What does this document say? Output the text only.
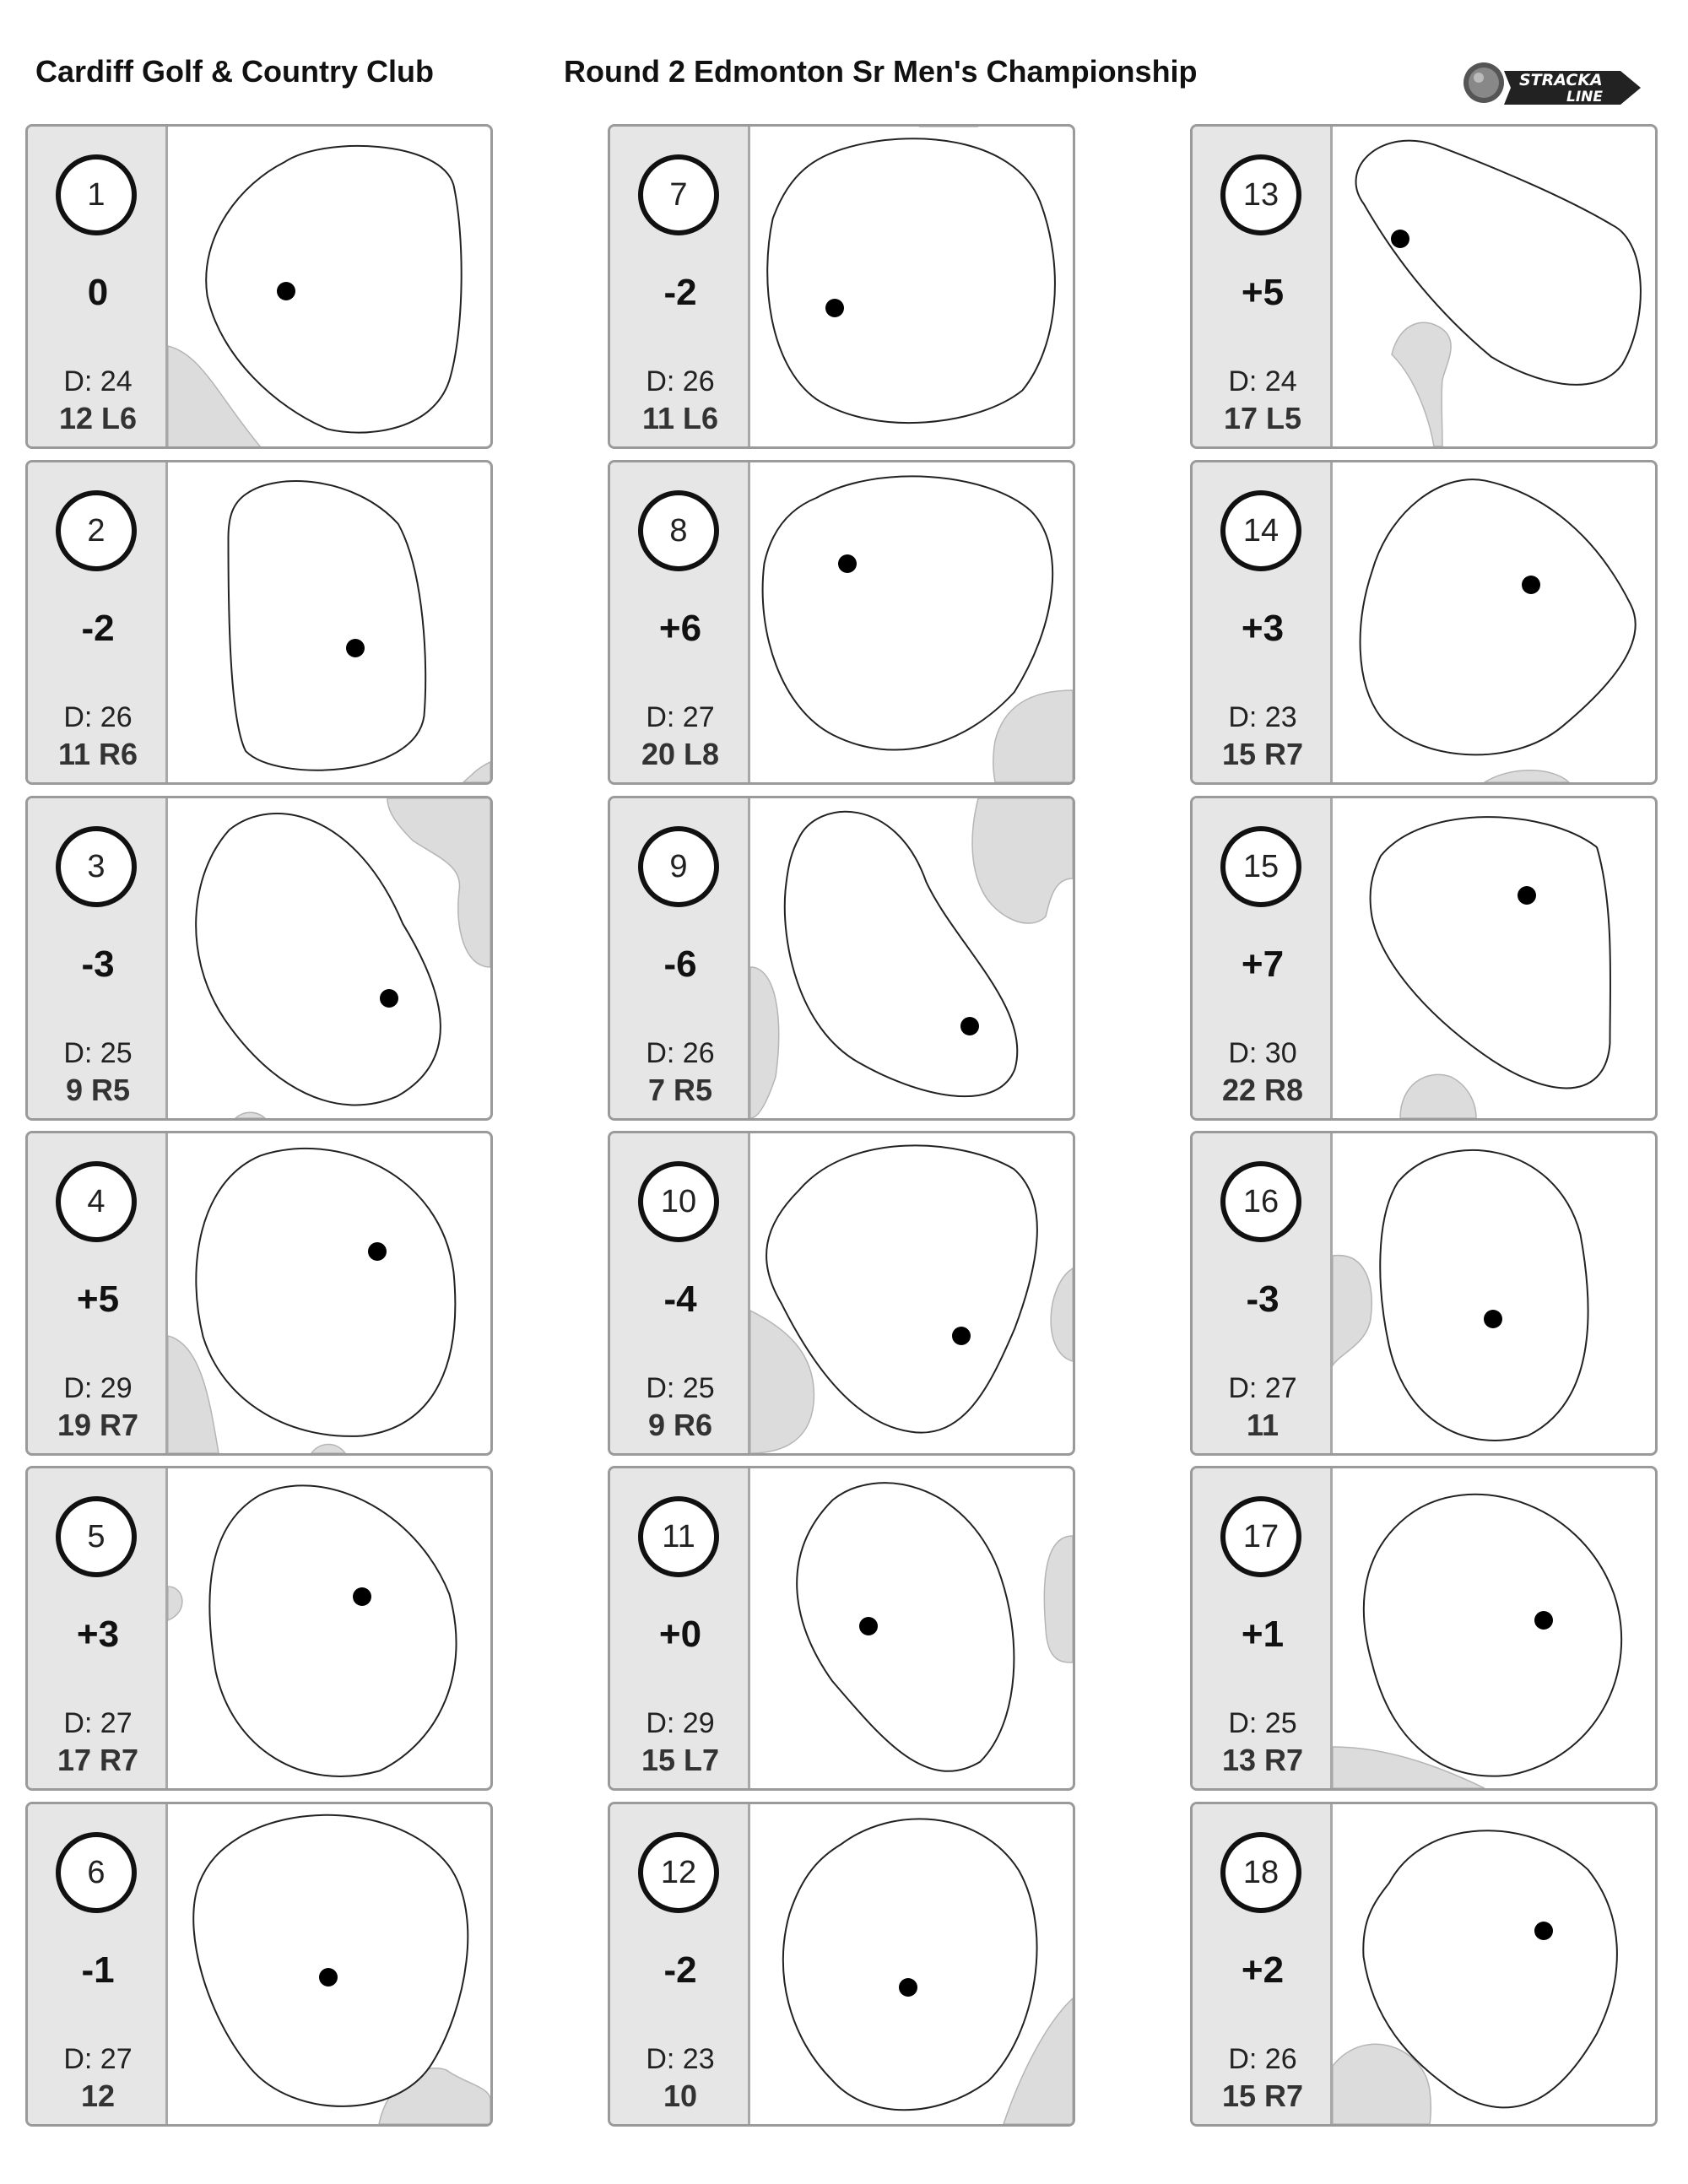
Cardiff Golf & Country Club	Round 2 Edmonton Sr Men's Championship	STRACKA
LINE
1
0
D: 24
12 L6
2
-2
D: 26
11 R6
3
-3
D: 25
9 R5
4
+5
D: 29
19 R7
5
+3
D: 27
17 R7
6
-1
D: 27
12
7
-2
D: 26
11 L6
8
+6
D: 27
20 L8
9
-6
D: 26
7 R5
10
-4
D: 25
9 R6
11
+0
D: 29
15 L7
12
-2
D: 23
10
13
+5
D: 24
17 L5
14
+3
D: 23
15 R7
15
+7
D: 30
22 R8
16
-3
D: 27
11
17
+1
D: 25
13 R7
18
+2
D: 26
15 R7
